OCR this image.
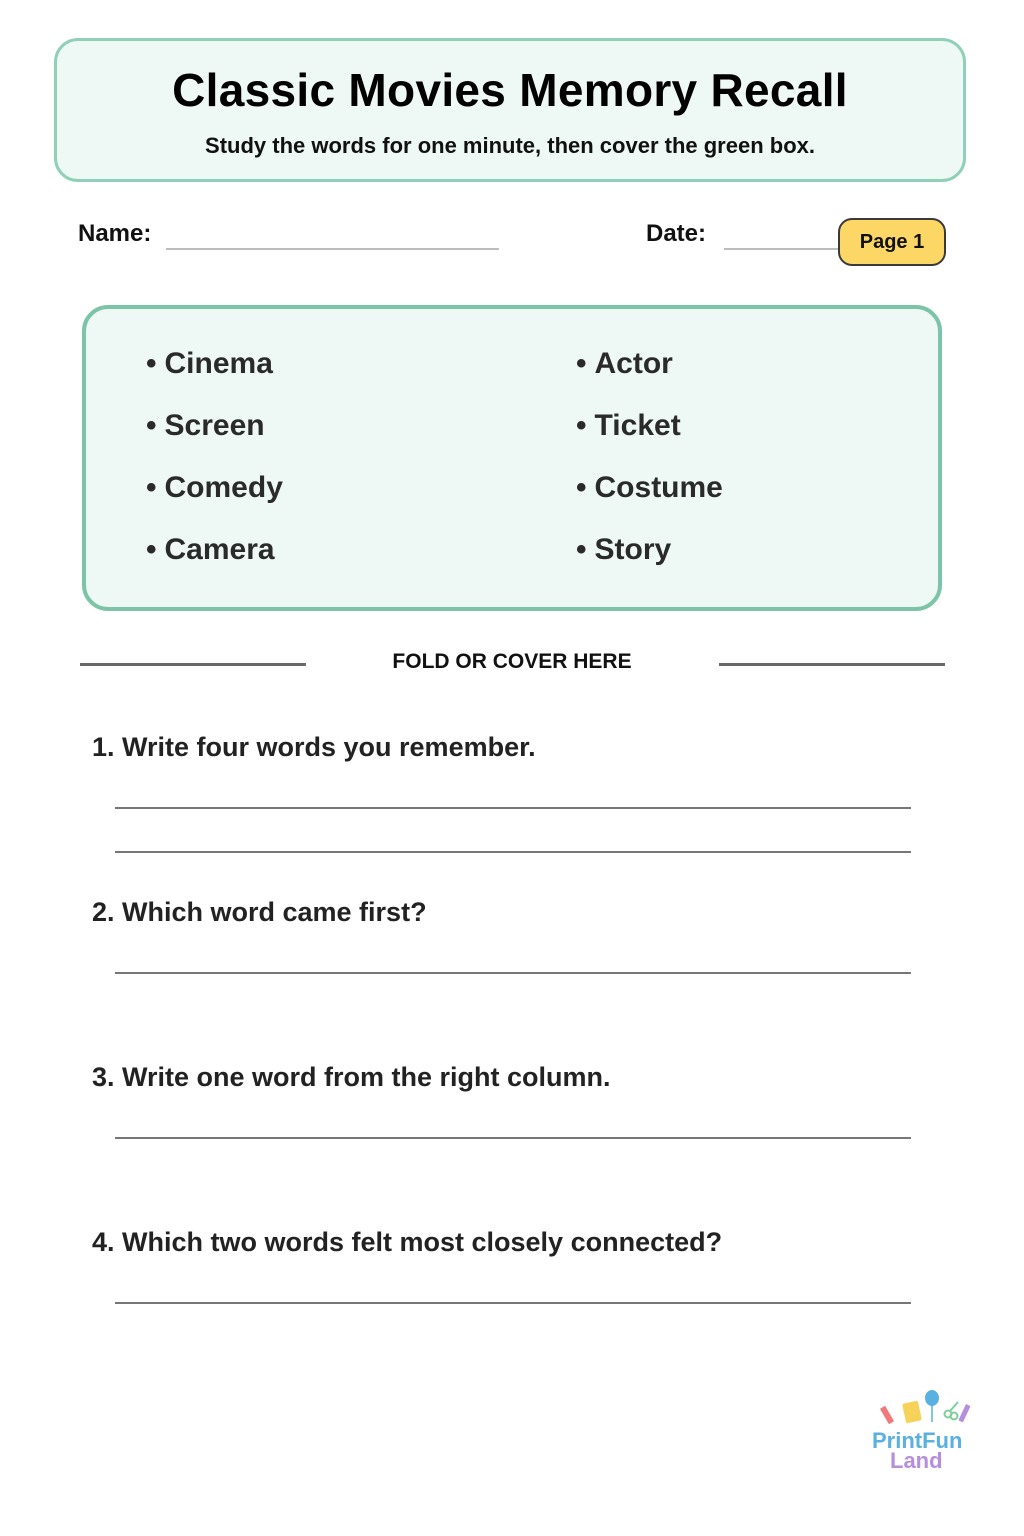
Classic Movies Memory Recall
Study the words for one minute, then cover the green box.
Name:	Date:	Page 1
• Cinema
• Screen
• Comedy
• Camera
• Actor
• Ticket
• Costume
• Story
FOLD OR COVER HERE
1. Write four words you remember.
2. Which word came first?
3. Write one word from the right column.
4. Which two words felt most closely connected?
PrintFun
Land
